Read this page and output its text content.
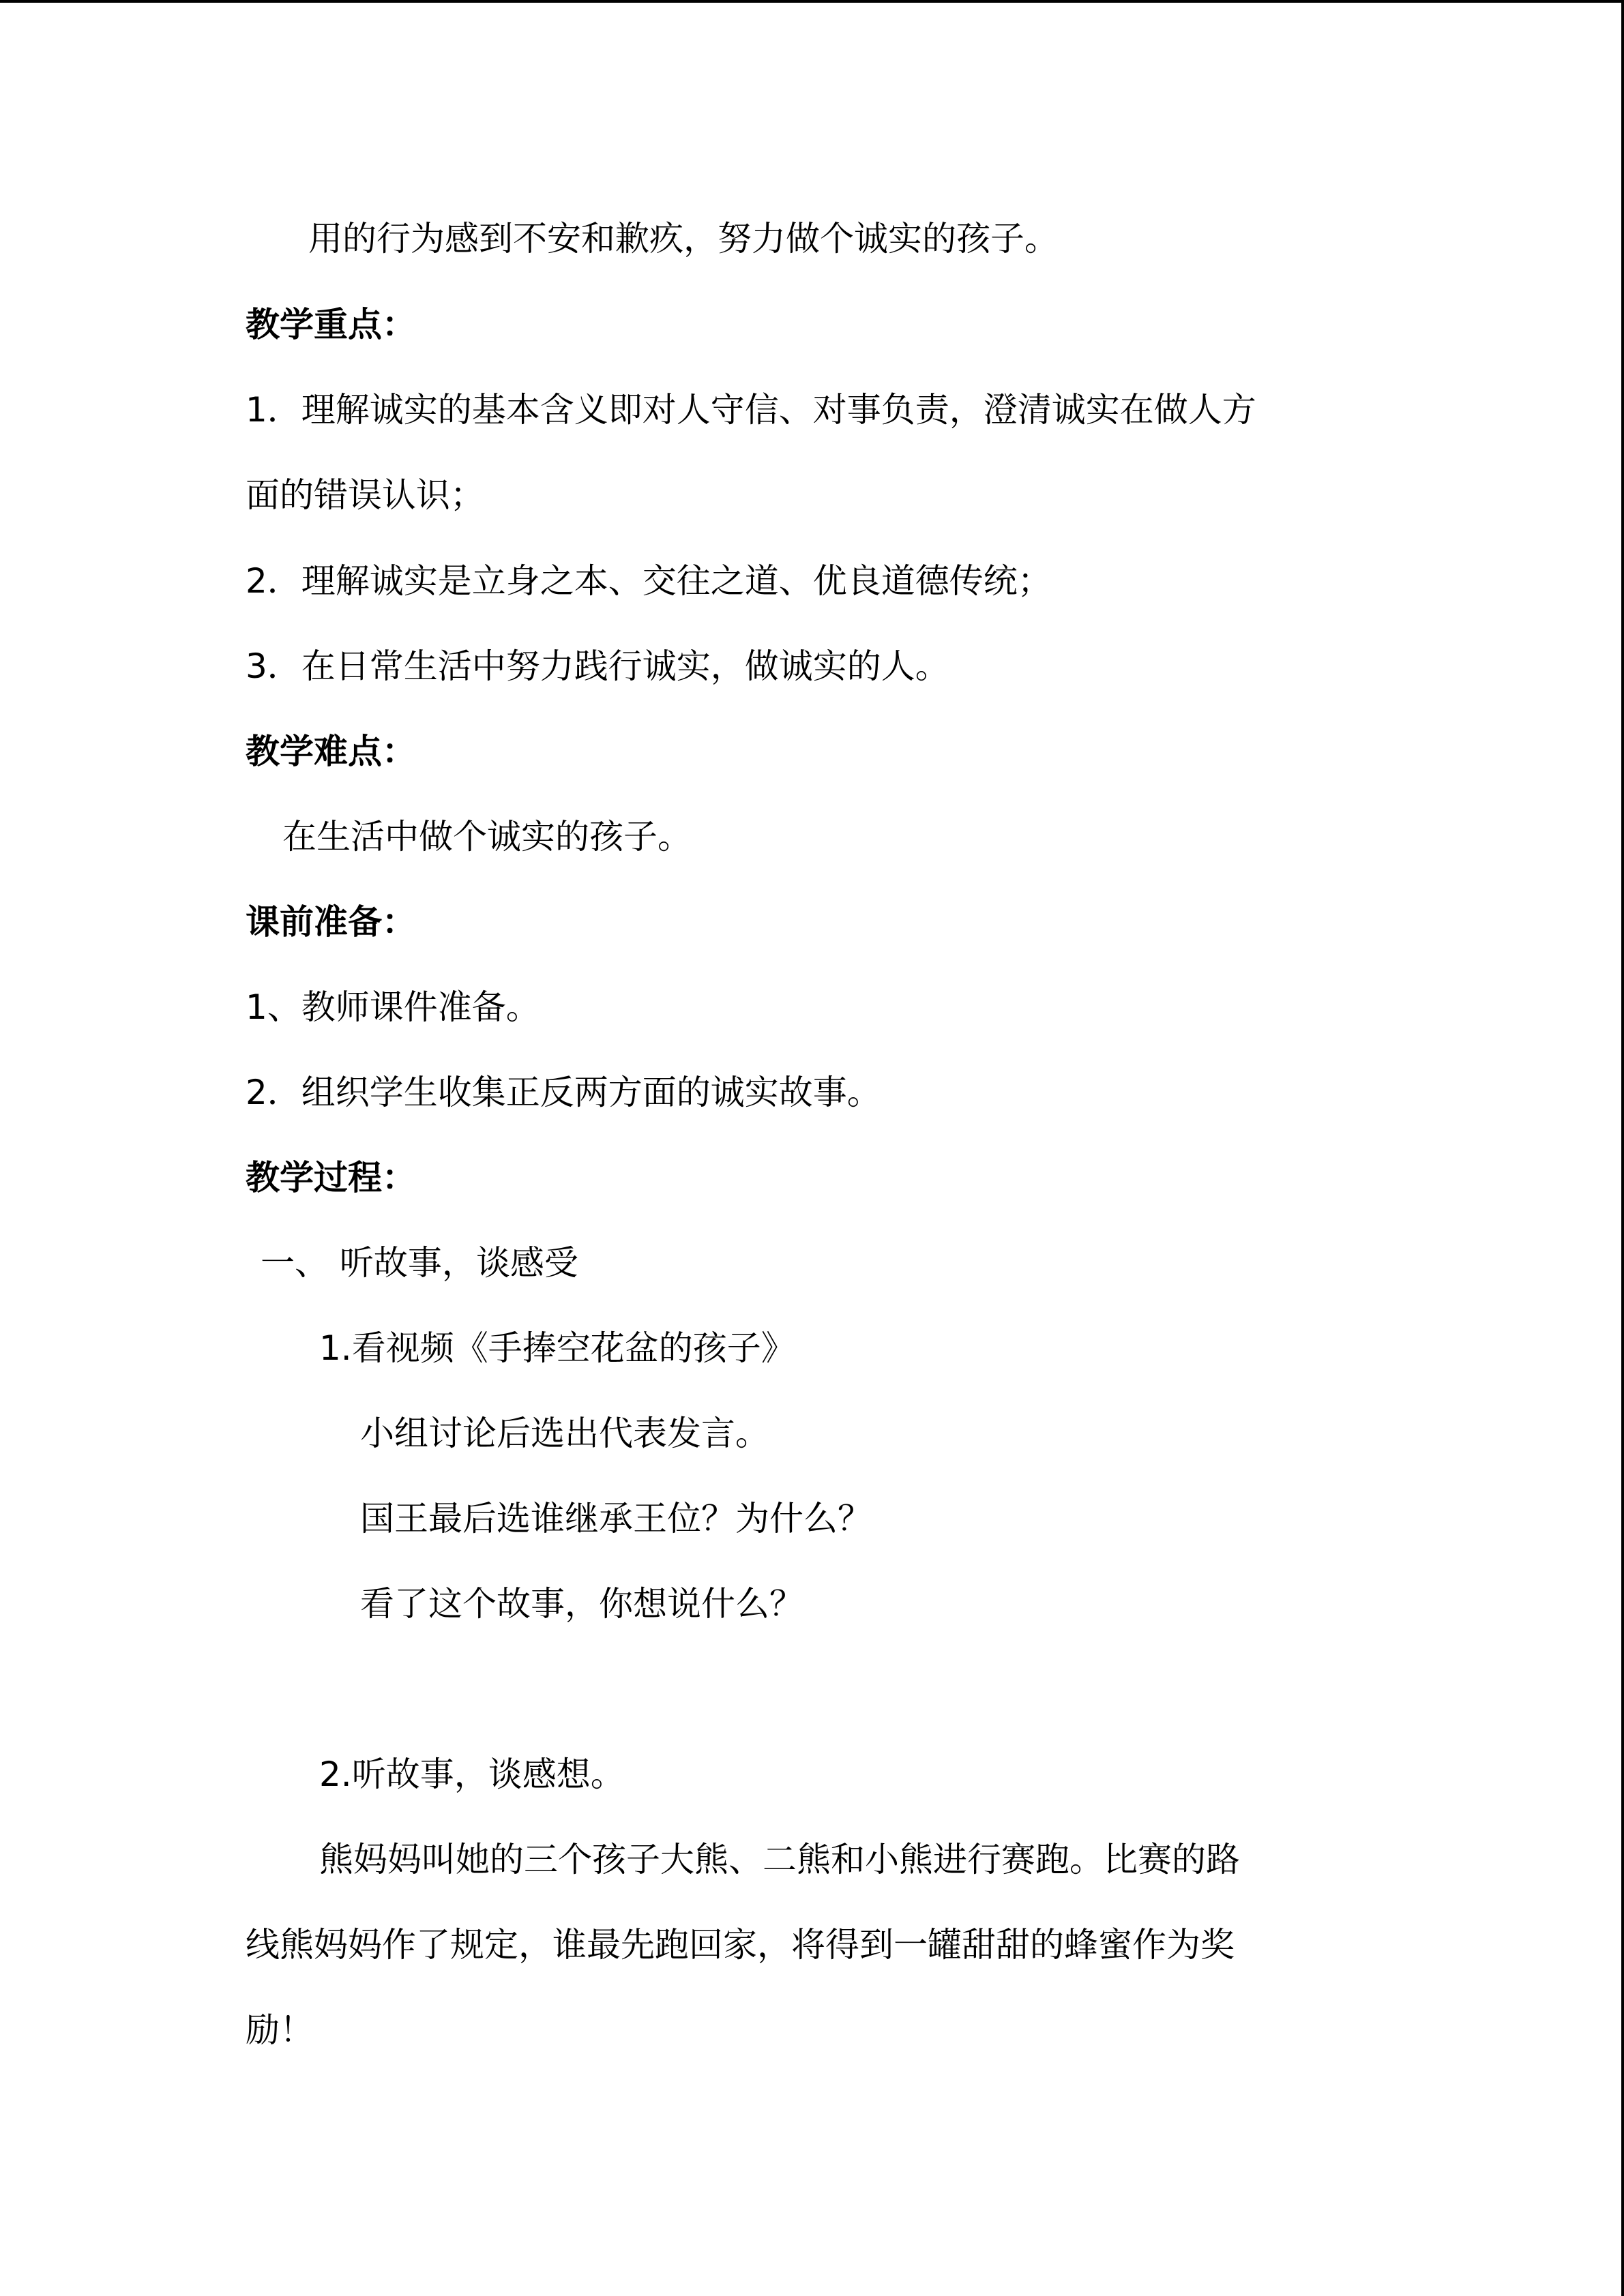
用的行为感到不安和歉疚，努力做个诚实的孩子。
教学重点：
1．理解诚实的基本含义即对人守信、对事负责，澄清诚实在做人方
面的错误认识；
2．理解诚实是立身之本、交往之道、优良道德传统；
3．在日常生活中努力践行诚实，做诚实的人。
教学难点：
在生活中做个诚实的孩子。
课前准备：
1、教师课件准备。
2．组织学生收集正反两方面的诚实故事。
教学过程：
一、 听故事，谈感受
1.看视频《手捧空花盆的孩子》
小组讨论后选出代表发言。
国王最后选谁继承王位？为什么？
看了这个故事，你想说什么？
2.听故事，谈感想。
熊妈妈叫她的三个孩子大熊、二熊和小熊进行赛跑。比赛的路
线熊妈妈作了规定，谁最先跑回家，将得到一罐甜甜的蜂蜜作为奖
励！
